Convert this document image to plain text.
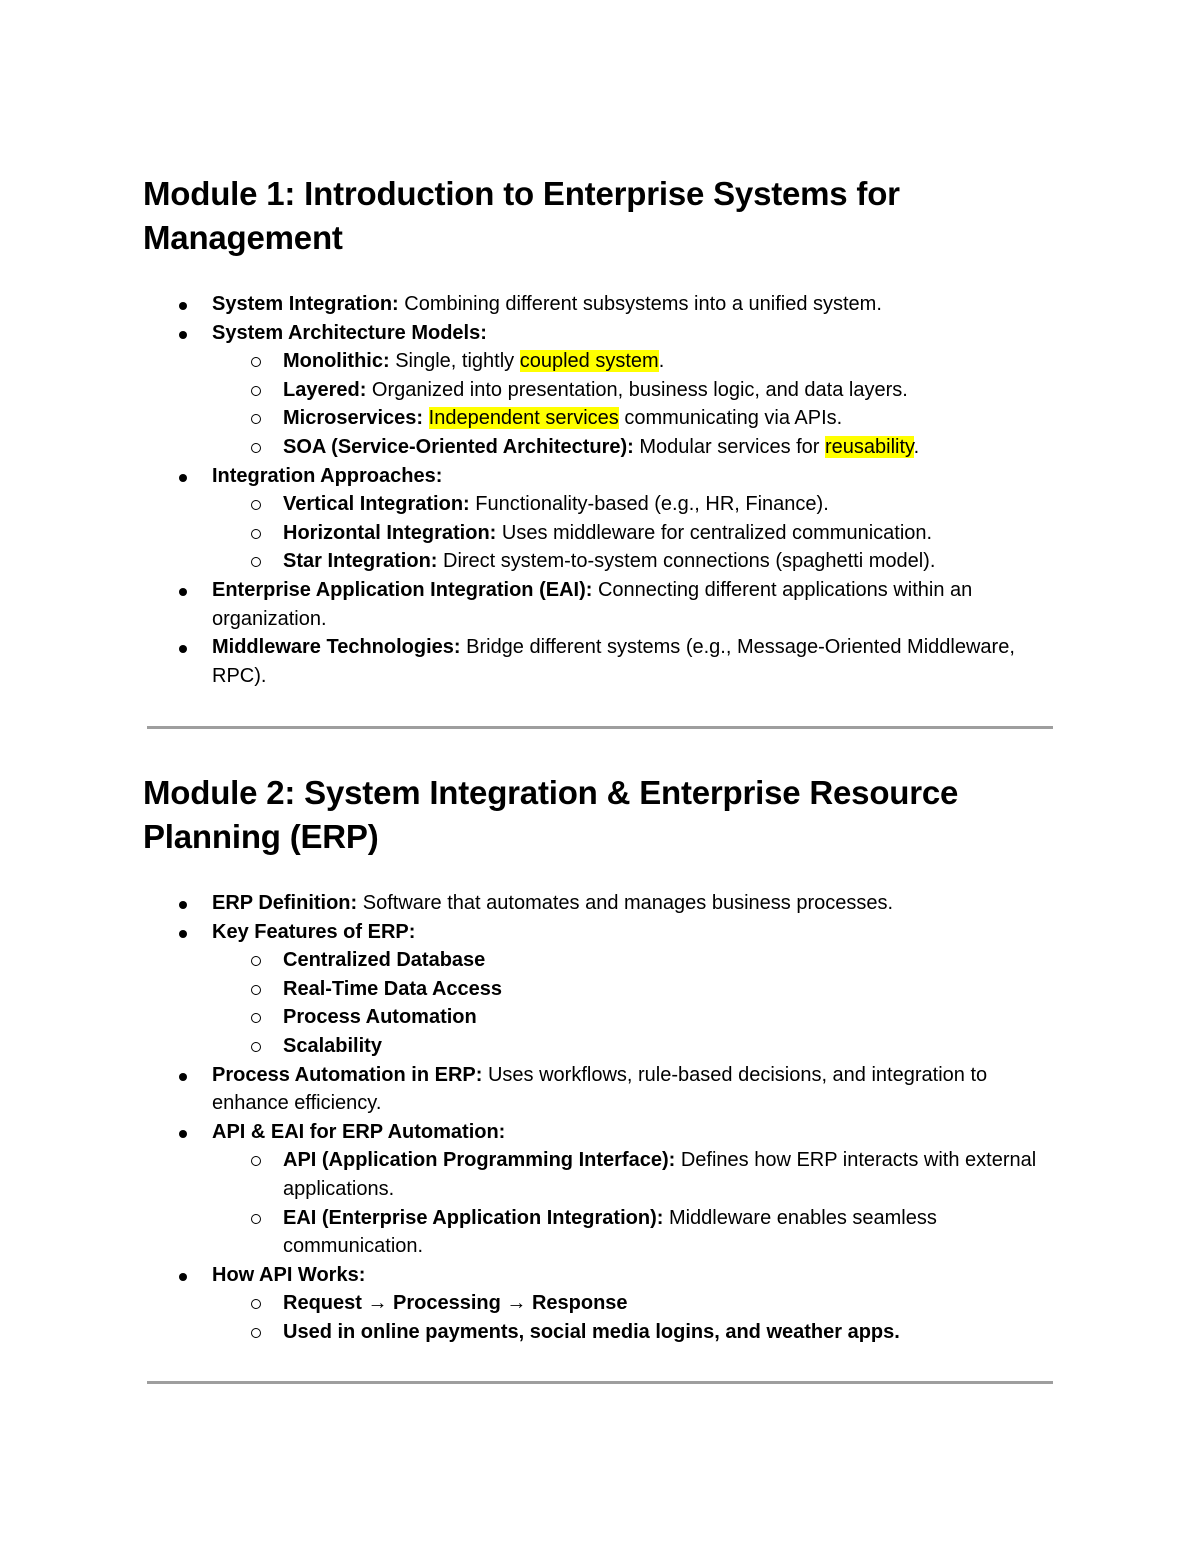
Module 1: Introduction to Enterprise Systems for Management
System Integration: Combining different subsystems into a unified system.
System Architecture Models:
Monolithic: Single, tightly coupled system.
Layered: Organized into presentation, business logic, and data layers.
Microservices: Independent services communicating via APIs.
SOA (Service-Oriented Architecture): Modular services for reusability.
Integration Approaches:
Vertical Integration: Functionality-based (e.g., HR, Finance).
Horizontal Integration: Uses middleware for centralized communication.
Star Integration: Direct system-to-system connections (spaghetti model).
Enterprise Application Integration (EAI): Connecting different applications within an organization.
Middleware Technologies: Bridge different systems (e.g., Message-Oriented Middleware, RPC).
Module 2: System Integration & Enterprise Resource Planning (ERP)
ERP Definition: Software that automates and manages business processes.
Key Features of ERP:
Centralized Database
Real-Time Data Access
Process Automation
Scalability
Process Automation in ERP: Uses workflows, rule-based decisions, and integration to enhance efficiency.
API & EAI for ERP Automation:
API (Application Programming Interface): Defines how ERP interacts with external applications.
EAI (Enterprise Application Integration): Middleware enables seamless communication.
How API Works:
Request → Processing → Response
Used in online payments, social media logins, and weather apps.
